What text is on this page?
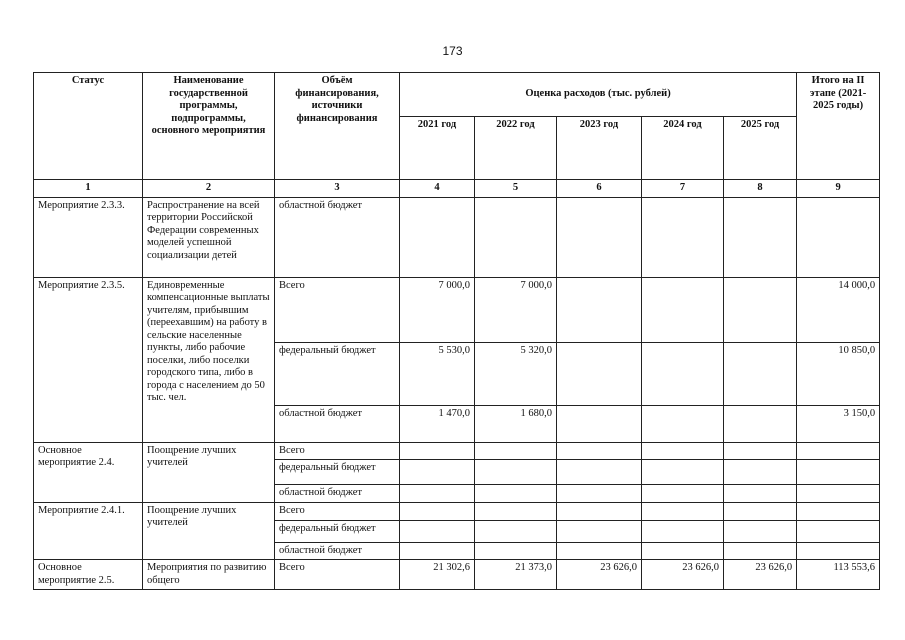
173
Статус	Наименование государственной программы, подпрограммы, основного мероприятия	Объём финансирования, источники финансирования	Оценка расходов (тыс. рублей)					Итого на II этапе (2021-2025 годы)
			2021 год	2022 год	2023 год	2024 год	2025 год	
1	2	3	4	5	6	7	8	9
Мероприятие 2.3.3.	Распространение на всей территории Российской Федерации современных моделей успешной социализации детей	областной бюджет						
Мероприятие 2.3.5.	Единовременные компенсационные выплаты учителям, прибывшим (переехавшим) на работу в сельские населенные пункты, либо рабочие поселки, либо поселки городского типа, либо в города с населением до 50 тыс. чел.	Всего	7 000,0	7 000,0				14 000,0
		федеральный бюджет	5 530,0	5 320,0				10 850,0
		областной бюджет	1 470,0	1 680,0				3 150,0
Основное мероприятие 2.4.	Поощрение лучших учителей	Всего						
		федеральный бюджет						
		областной бюджет						
Мероприятие 2.4.1.	Поощрение лучших учителей	Всего						
		федеральный бюджет						
		областной бюджет						
Основное мероприятие 2.5.	Мероприятия по развитию общего	Всего	21 302,6	21 373,0	23 626,0	23 626,0	23 626,0	113 553,6
